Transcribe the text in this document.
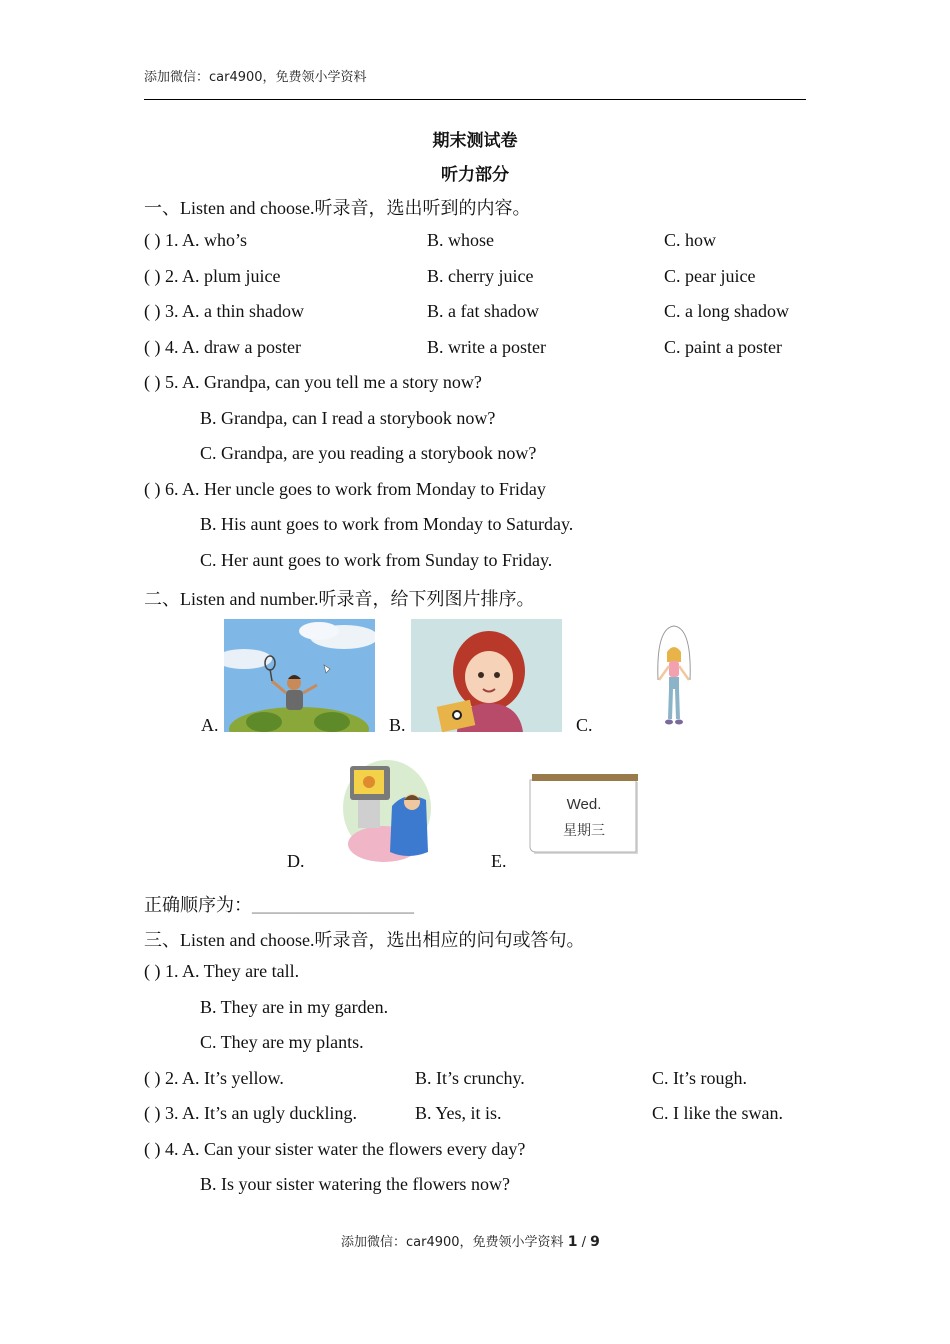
添加微信：car4900，免费领小学资料
期末测试卷
听力部分
一、Listen and choose.听录音，选出听到的内容。
( ) 1. A. who’s	B. whose	C. how
( ) 2. A. plum juice	B. cherry juice	C. pear juice
( ) 3. A. a thin shadow	B. a fat shadow	C. a long shadow
( ) 4. A. draw a poster	B. write a poster	C. paint a poster
( ) 5. A. Grandpa, can you tell me a story now?
B. Grandpa, can I read a storybook now?
C. Grandpa, are you reading a storybook now?
( ) 6. A. Her uncle goes to work from Monday to Friday
B. His aunt goes to work from Monday to Saturday.
C. Her aunt goes to work from Sunday to Friday.
二、Listen and number.听录音，给下列图片排序。
A.	B.	C.
D.	E.
Wed.
星期三
正确顺序为：__________________
三、Listen and choose.听录音，选出相应的问句或答句。
( ) 1. A. They are tall.
B. They are in my garden.
C. They are my plants.
( ) 2. A. It’s yellow.	B. It’s crunchy.	C. It’s rough.
( ) 3. A. It’s an ugly duckling.	B. Yes, it is.	C. I like the swan.
( ) 4. A. Can your sister water the flowers every day?
B. Is your sister watering the flowers now?
添加微信：car4900，免费领小学资料 1 / 9
